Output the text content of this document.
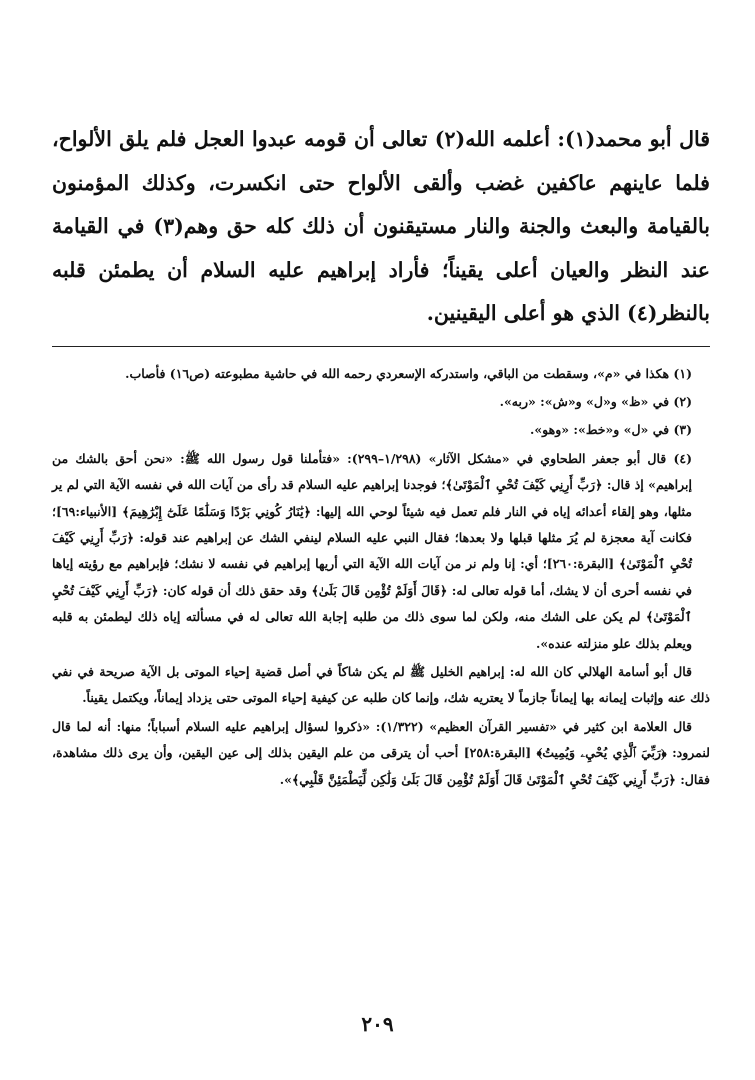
قال أبو محمد(١): أعلمه الله(٢) تعالى أن قومه عبدوا العجل فلم يلق الألواح، فلما عاينهم عاكفين غضب وألقى الألواح حتى انكسرت، وكذلك المؤمنون بالقيامة والبعث والجنة والنار مستيقنون أن ذلك كله حق وهم(٣) في القيامة عند النظر والعيان أعلى يقيناً؛ فأراد إبراهيم عليه السلام أن يطمئن قلبه بالنظر(٤) الذي هو أعلى اليقينين.

(١) هكذا في «م»، وسقطت من الباقي، واستدركه الإسعردي رحمه الله في حاشية مطبوعته (ص١٦) فأصاب.

(٢) في «ظ» و«ل» و«ش»: «ربه».

(٣) في «ل» و«خط»: «وهو».

(٤) قال أبو جعفر الطحاوي في «مشكل الآثار» (١/٢٩٨–٢٩٩): «فتأملنا قول رسول الله ﷺ: «نحن أحق بالشك من إبراهيم» إذ قال: ﴿رَبِّ أَرِنِي كَيْفَ تُحْيِ ٱلْمَوْتَىٰ﴾؛ فوجدنا إبراهيم عليه السلام قد رأى من آيات الله في نفسه الآية التي لم ير مثلها، وهو إلقاء أعدائه إياه في النار فلم تعمل فيه شيئاً لوحي الله إليها: ﴿يَٰنَارُ كُونِي بَرْدًا وَسَلَٰمًا عَلَىٰٓ إِبْرَٰهِيمَ﴾ [الأنبياء:٦٩]؛ فكانت آية معجزة لم يُرَ مثلها قبلها ولا بعدها؛ فقال النبي عليه السلام لينفي الشك عن إبراهيم عند قوله: ﴿رَبِّ أَرِنِي كَيْفَ تُحْيِ ٱلْمَوْتَىٰ﴾ [البقرة:٢٦٠]؛ أي: إنا ولم نر من آيات الله الآية التي أريها إبراهيم في نفسه لا نشك؛ فإبراهيم مع رؤيته إياها في نفسه أحرى أن لا يشك، أما قوله تعالى له: ﴿قَالَ أَوَلَمْ تُؤْمِن قَالَ بَلَىٰ﴾ وقد حقق ذلك أن قوله كان: ﴿رَبِّ أَرِنِي كَيْفَ تُحْيِ ٱلْمَوْتَىٰ﴾ لم يكن على الشك منه، ولكن لما سوى ذلك من طلبه إجابة الله تعالى له في مسألته إياه ذلك ليطمئن به قلبه ويعلم بذلك علو منزلته عنده».

قال أبو أسامة الهلالي كان الله له: إبراهيم الخليل ﷺ لم يكن شاكاً في أصل قضية إحياء الموتى بل الآية صريحة في نفي ذلك عنه وإثبات إيمانه بها إيماناً جازماً لا يعتريه شك، وإنما كان طلبه عن كيفية إحياء الموتى حتى يزداد إيماناً، ويكتمل يقيناً.

قال العلامة ابن كثير في «تفسير القرآن العظيم» (١/٣٢٢): «ذكروا لسؤال إبراهيم عليه السلام أسباباً؛ منها: أنه لما قال لنمرود: ﴿رَبِّيَ ٱلَّذِي يُحْيِۦ وَيُمِيتُ﴾ [البقرة:٢٥٨] أحب أن يترقى من علم اليقين بذلك إلى عين اليقين، وأن يرى ذلك مشاهدة، فقال: ﴿رَبِّ أَرِنِي كَيْفَ تُحْيِ ٱلْمَوْتَىٰ قَالَ أَوَلَمْ تُؤْمِن قَالَ بَلَىٰ وَلَٰكِن لِّيَطْمَئِنَّ قَلْبِي﴾».

٢٠٩
